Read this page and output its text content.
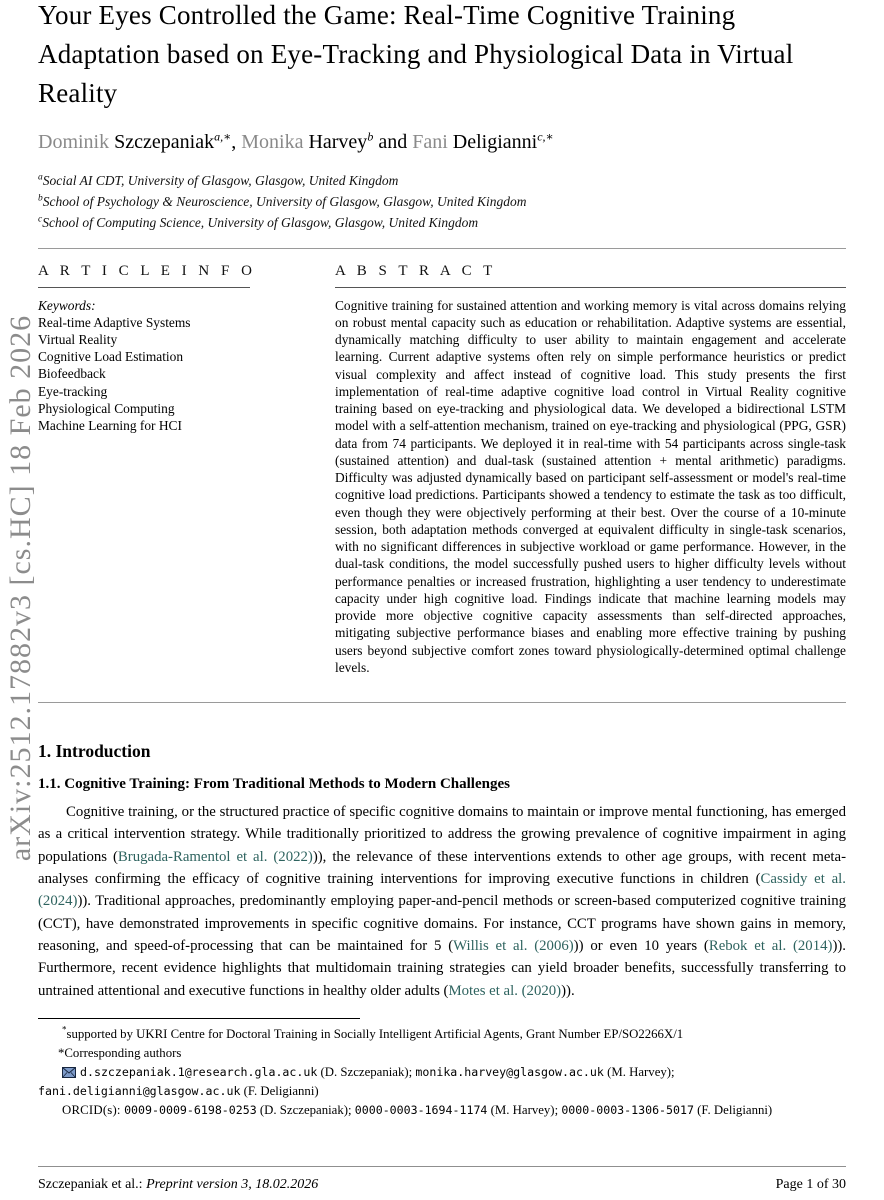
arXiv:2512.17882v3 [cs.HC] 18 Feb 2026
Your Eyes Controlled the Game: Real-Time Cognitive Training Adaptation based on Eye-Tracking and Physiological Data in Virtual Reality
Dominik Szczepaniak$^{a,∗}$, Monika Harvey$^b$ and Fani Deligianni$^{c,∗}$
$^a$Social AI CDT, University of Glasgow, Glasgow, United Kingdom
$^b$School of Psychology & Neuroscience, University of Glasgow, Glasgow, United Kingdom
$^c$School of Computing Science, University of Glasgow, Glasgow, United Kingdom
A R T I C L E I N F O
Keywords:
Real-time Adaptive Systems
Virtual Reality
Cognitive Load Estimation
Biofeedback
Eye-tracking
Physiological Computing
Machine Learning for HCI
A B S T R A C T
Cognitive training for sustained attention and working memory is vital across domains relying on robust mental capacity such as education or rehabilitation. Adaptive systems are essential, dynamically matching difficulty to user ability to maintain engagement and accelerate learning. Current adaptive systems often rely on simple performance heuristics or predict visual complexity and affect instead of cognitive load. This study presents the first implementation of real-time adaptive cognitive load control in Virtual Reality cognitive training based on eye-tracking and physiological data. We developed a bidirectional LSTM model with a self-attention mechanism, trained on eye-tracking and physiological (PPG, GSR) data from 74 participants. We deployed it in real-time with 54 participants across single-task (sustained attention) and dual-task (sustained attention + mental arithmetic) paradigms. Difficulty was adjusted dynamically based on participant self-assessment or model's real-time cognitive load predictions. Participants showed a tendency to estimate the task as too difficult, even though they were objectively performing at their best. Over the course of a 10-minute session, both adaptation methods converged at equivalent difficulty in single-task scenarios, with no significant differences in subjective workload or game performance. However, in the dual-task conditions, the model successfully pushed users to higher difficulty levels without performance penalties or increased frustration, highlighting a user tendency to underestimate capacity under high cognitive load. Findings indicate that machine learning models may provide more objective cognitive capacity assessments than self-directed approaches, mitigating subjective performance biases and enabling more effective training by pushing users beyond subjective comfort zones toward physiologically-determined optimal challenge levels.
1. Introduction
1.1. Cognitive Training: From Traditional Methods to Modern Challenges

Cognitive training, or the structured practice of specific cognitive domains to maintain or improve mental functioning, has emerged as a critical intervention strategy. While traditionally prioritized to address the growing prevalence of cognitive impairment in aging populations (Brugada-Ramentol et al. (2022))), the relevance of these interventions extends to other age groups, with recent meta-analyses confirming the efficacy of cognitive training interventions for improving executive functions in children (Cassidy et al. (2024))). Traditional approaches, predominantly employing paper-and-pencil methods or screen-based computerized cognitive training (CCT), have demonstrated improvements in specific cognitive domains. For instance, CCT programs have shown gains in memory, reasoning, and speed-of-processing that can be maintained for 5 (Willis et al. (2006))) or even 10 years (Rebok et al. (2014))). Furthermore, recent evidence highlights that multidomain training strategies can yield broader benefits, successfully transferring to untrained attentional and executive functions in healthy older adults (Motes et al. (2020))).

*supported by UKRI Centre for Doctoral Training in Socially Intelligent Artificial Agents, Grant Number EP/SO2266X/1
*Corresponding authors
d.szczepaniak.1@research.gla.ac.uk (D. Szczepaniak); monika.harvey@glasgow.ac.uk (M. Harvey); fani.deligianni@glasgow.ac.uk (F. Deligianni)
ORCID(s): 0009-0009-6198-0253 (D. Szczepaniak); 0000-0003-1694-1174 (M. Harvey); 0000-0003-1306-5017 (F. Deligianni)
Szczepaniak et al.: Preprint version 3, 18.02.2026	Page 1 of 30
